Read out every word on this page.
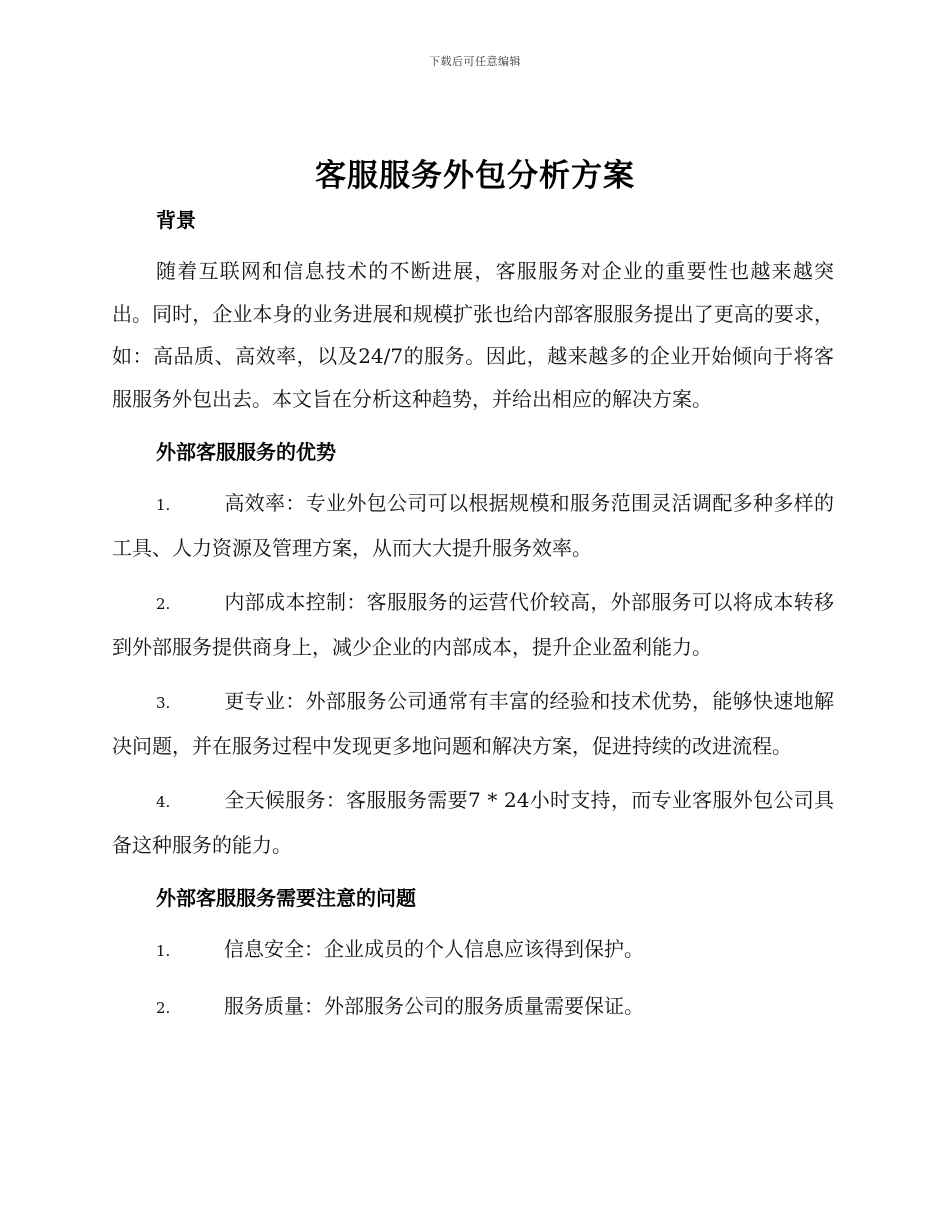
下载后可任意编辑
客服服务外包分析方案
背景

随着互联网和信息技术的不断进展，客服服务对企业的重要性也越来越突出。同时，企业本身的业务进展和规模扩张也给内部客服服务提出了更高的要求，如：高品质、高效率，以及24/7的服务。因此，越来越多的企业开始倾向于将客服服务外包出去。本文旨在分析这种趋势，并给出相应的解决方案。

外部客服服务的优势

1.	高效率：专业外包公司可以根据规模和服务范围灵活调配多种多样的工具、人力资源及管理方案，从而大大提升服务效率。

2.	内部成本控制：客服服务的运营代价较高，外部服务可以将成本转移到外部服务提供商身上，减少企业的内部成本，提升企业盈利能力。

3.	更专业：外部服务公司通常有丰富的经验和技术优势，能够快速地解决问题，并在服务过程中发现更多地问题和解决方案，促进持续的改进流程。

4.	全天候服务：客服服务需要7 * 24小时支持，而专业客服外包公司具备这种服务的能力。

外部客服服务需要注意的问题

1.	信息安全：企业成员的个人信息应该得到保护。

2.	服务质量：外部服务公司的服务质量需要保证。
